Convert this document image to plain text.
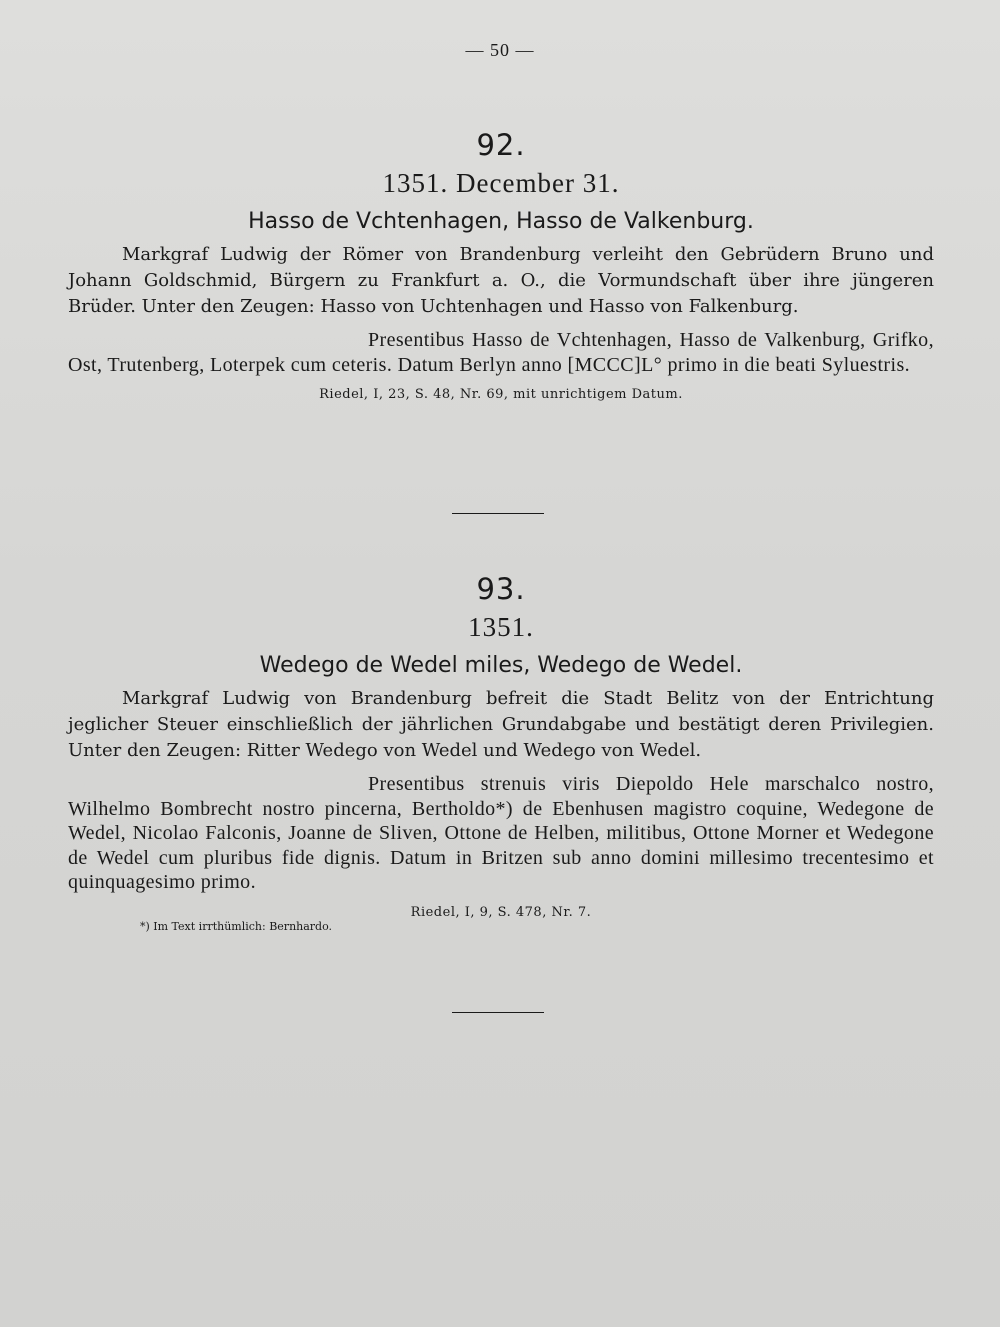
— 50 —
92.
1351. December 31.
Hasso de Vchtenhagen, Hasso de Valkenburg.
Markgraf Ludwig der Römer von Brandenburg verleiht den Gebrüdern Bruno und Johann Goldschmid, Bürgern zu Frankfurt a. O., die Vormundschaft über ihre jüngeren Brüder. Unter den Zeugen: Hasso von Uchtenhagen und Hasso von Falkenburg.
Presentibus Hasso de Vchtenhagen, Hasso de Valkenburg, Grifko, Ost, Trutenberg, Loterpek cum ceteris. Datum Berlyn anno [MCCC]L° primo in die beati Syluestris.
Riedel, I, 23, S. 48, Nr. 69, mit unrichtigem Datum.
93.
1351.
Wedego de Wedel miles, Wedego de Wedel.
Markgraf Ludwig von Brandenburg befreit die Stadt Belitz von der Entrichtung jeglicher Steuer einschließlich der jährlichen Grundabgabe und bestätigt deren Privilegien. Unter den Zeugen: Ritter Wedego von Wedel und Wedego von Wedel.
Presentibus strenuis viris Diepoldo Hele marschalco nostro, Wilhelmo Bombrecht nostro pincerna, Bertholdo*) de Ebenhusen magistro coquine, Wedegone de Wedel, Nicolao Falconis, Joanne de Sliven, Ottone de Helben, militibus, Ottone Morner et Wedegone de Wedel cum pluribus fide dignis. Datum in Britzen sub anno domini millesimo trecentesimo et quinquagesimo primo.
Riedel, I, 9, S. 478, Nr. 7.
*) Im Text irrthümlich: Bernhardo.
